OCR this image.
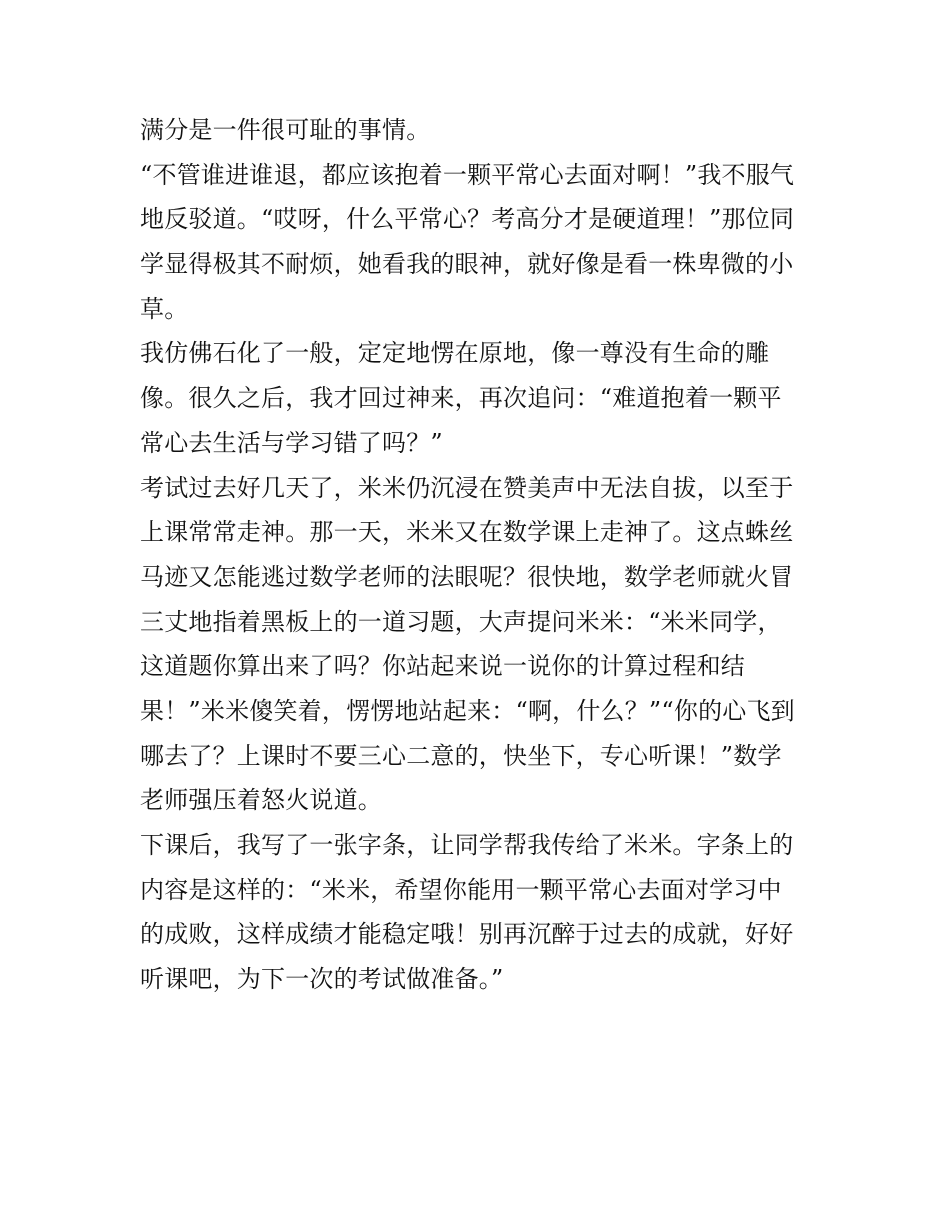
满分是一件很可耻的事情。
“不管谁进谁退，都应该抱着一颗平常心去面对啊！”我不服气
地反驳道。“哎呀，什么平常心？考高分才是硬道理！”那位同
学显得极其不耐烦，她看我的眼神，就好像是看一株卑微的小
草。
我仿佛石化了一般，定定地愣在原地，像一尊没有生命的雕
像。很久之后，我才回过神来，再次追问：“难道抱着一颗平
常心去生活与学习错了吗？”
考试过去好几天了，米米仍沉浸在赞美声中无法自拔，以至于
上课常常走神。那一天，米米又在数学课上走神了。这点蛛丝
马迹又怎能逃过数学老师的法眼呢？很快地，数学老师就火冒
三丈地指着黑板上的一道习题，大声提问米米：“米米同学，
这道题你算出来了吗？你站起来说一说你的计算过程和结
果！”米米傻笑着，愣愣地站起来：“啊，什么？”“你的心飞到
哪去了？上课时不要三心二意的，快坐下，专心听课！”数学
老师强压着怒火说道。
下课后，我写了一张字条，让同学帮我传给了米米。字条上的
内容是这样的：“米米，希望你能用一颗平常心去面对学习中
的成败，这样成绩才能稳定哦！别再沉醉于过去的成就，好好
听课吧，为下一次的考试做准备。”
